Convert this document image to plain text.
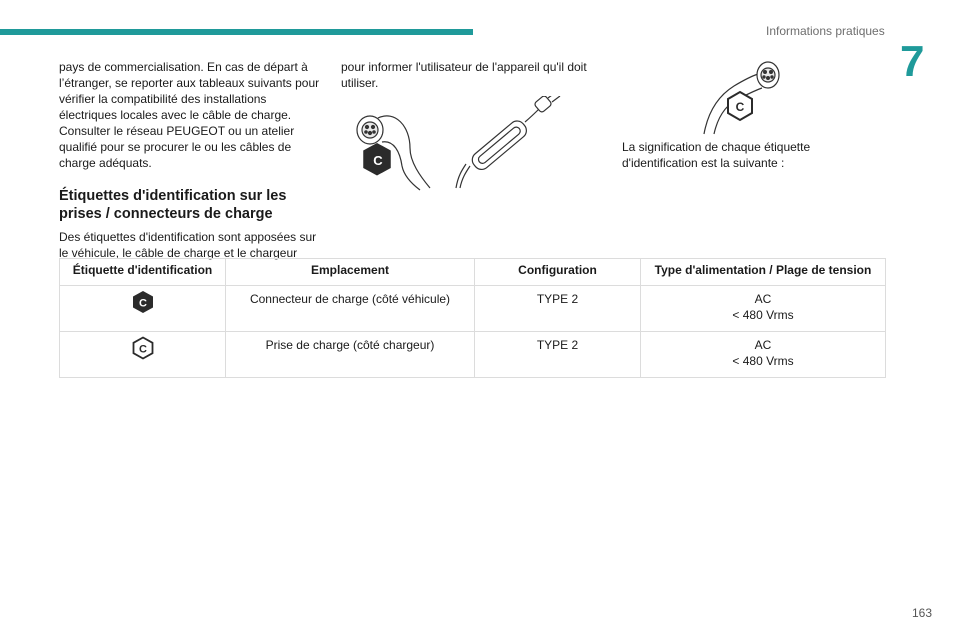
Informations pratiques
7

pays de commercialisation. En cas de départ à l’étranger, se reporter aux tableaux suivants pour vérifier la compatibilité des installations électriques locales avec le câble de charge. Consulter le réseau PEUGEOT ou un atelier qualifié pour se procurer le ou les câbles de charge adéquats.

Étiquettes d'identification sur les prises / connecteurs de charge

Des étiquettes d'identification sont apposées sur le véhicule, le câble de charge et le chargeur

pour informer l'utilisateur de l'appareil qu'il doit utiliser.

C
C

La signification de chaque étiquette d'identification est la suivante :

Étiquette d'identification	Emplacement	Configuration	Type d'alimentation / Plage de tension

C	Connecteur de charge (côté véhicule)	TYPE 2	AC
< 480 Vrms

C	Prise de charge (côté chargeur)	TYPE 2	AC
< 480 Vrms
163
